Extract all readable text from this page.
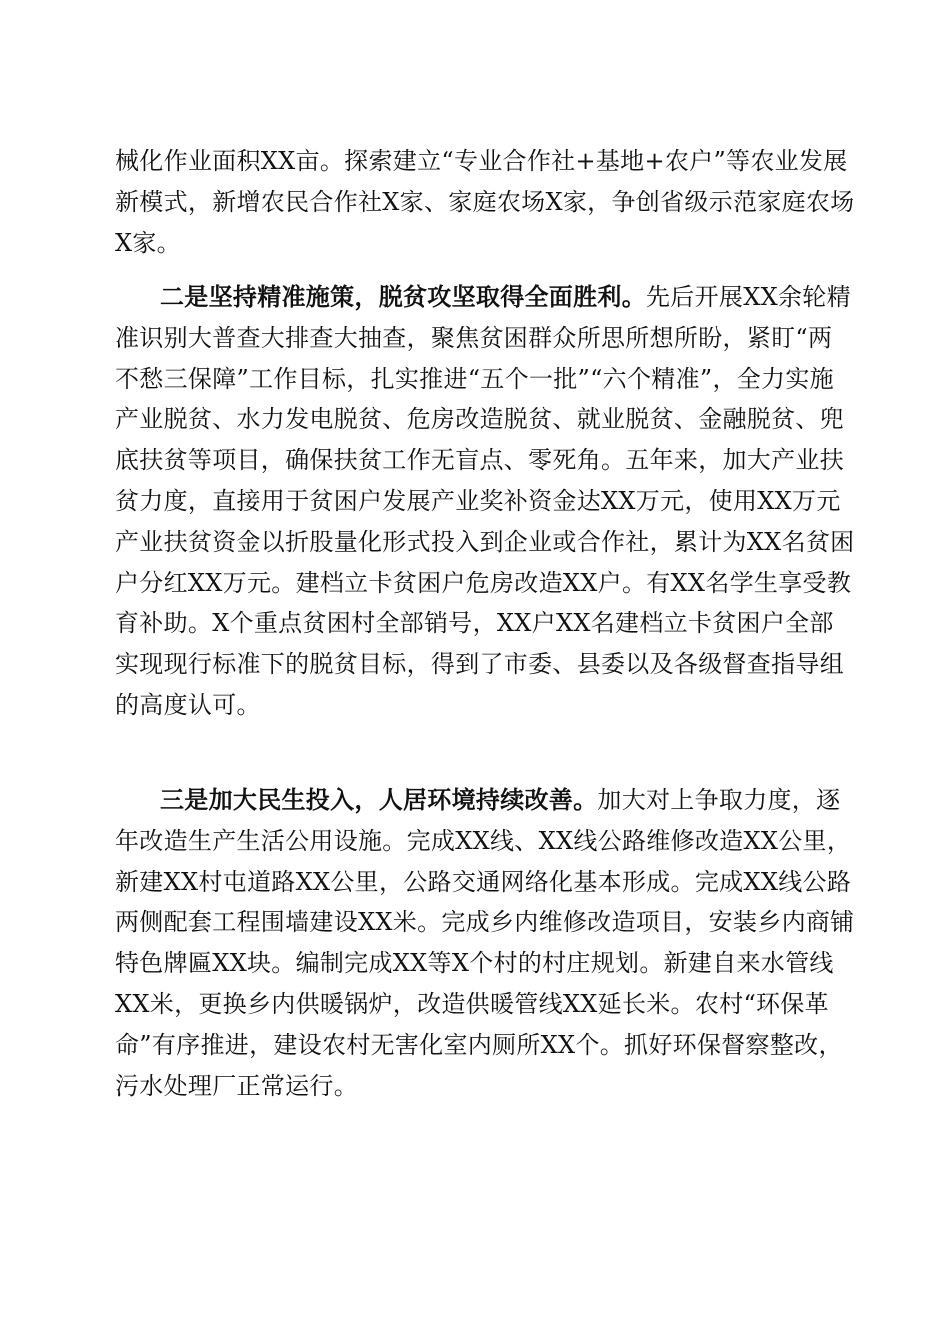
械化作业面积XX亩。探索建立“专业合作社+基地+农户”等农业发展新模式，新增农民合作社X家、家庭农场X家，争创省级示范家庭农场X家。

二是坚持精准施策，脱贫攻坚取得全面胜利。先后开展XX余轮精准识别大普查大排查大抽查，聚焦贫困群众所思所想所盼，紧盯“两不愁三保障”工作目标，扎实推进“五个一批”“六个精准”，全力实施产业脱贫、水力发电脱贫、危房改造脱贫、就业脱贫、金融脱贫、兜底扶贫等项目，确保扶贫工作无盲点、零死角。五年来，加大产业扶贫力度，直接用于贫困户发展产业奖补资金达XX万元，使用XX万元产业扶贫资金以折股量化形式投入到企业或合作社，累计为XX名贫困户分红XX万元。建档立卡贫困户危房改造XX户。有XX名学生享受教育补助。X个重点贫困村全部销号，XX户XX名建档立卡贫困户全部实现现行标准下的脱贫目标，得到了市委、县委以及各级督查指导组的高度认可。

三是加大民生投入，人居环境持续改善。加大对上争取力度，逐年改造生产生活公用设施。完成XX线、XX线公路维修改造XX公里，新建XX村屯道路XX公里，公路交通网络化基本形成。完成XX线公路两侧配套工程围墙建设XX米。完成乡内维修改造项目，安装乡内商铺特色牌匾XX块。编制完成XX等X个村的村庄规划。新建自来水管线XX米，更换乡内供暖锅炉，改造供暖管线XX延长米。农村“环保革命”有序推进，建设农村无害化室内厕所XX个。抓好环保督察整改，污水处理厂正常运行。
